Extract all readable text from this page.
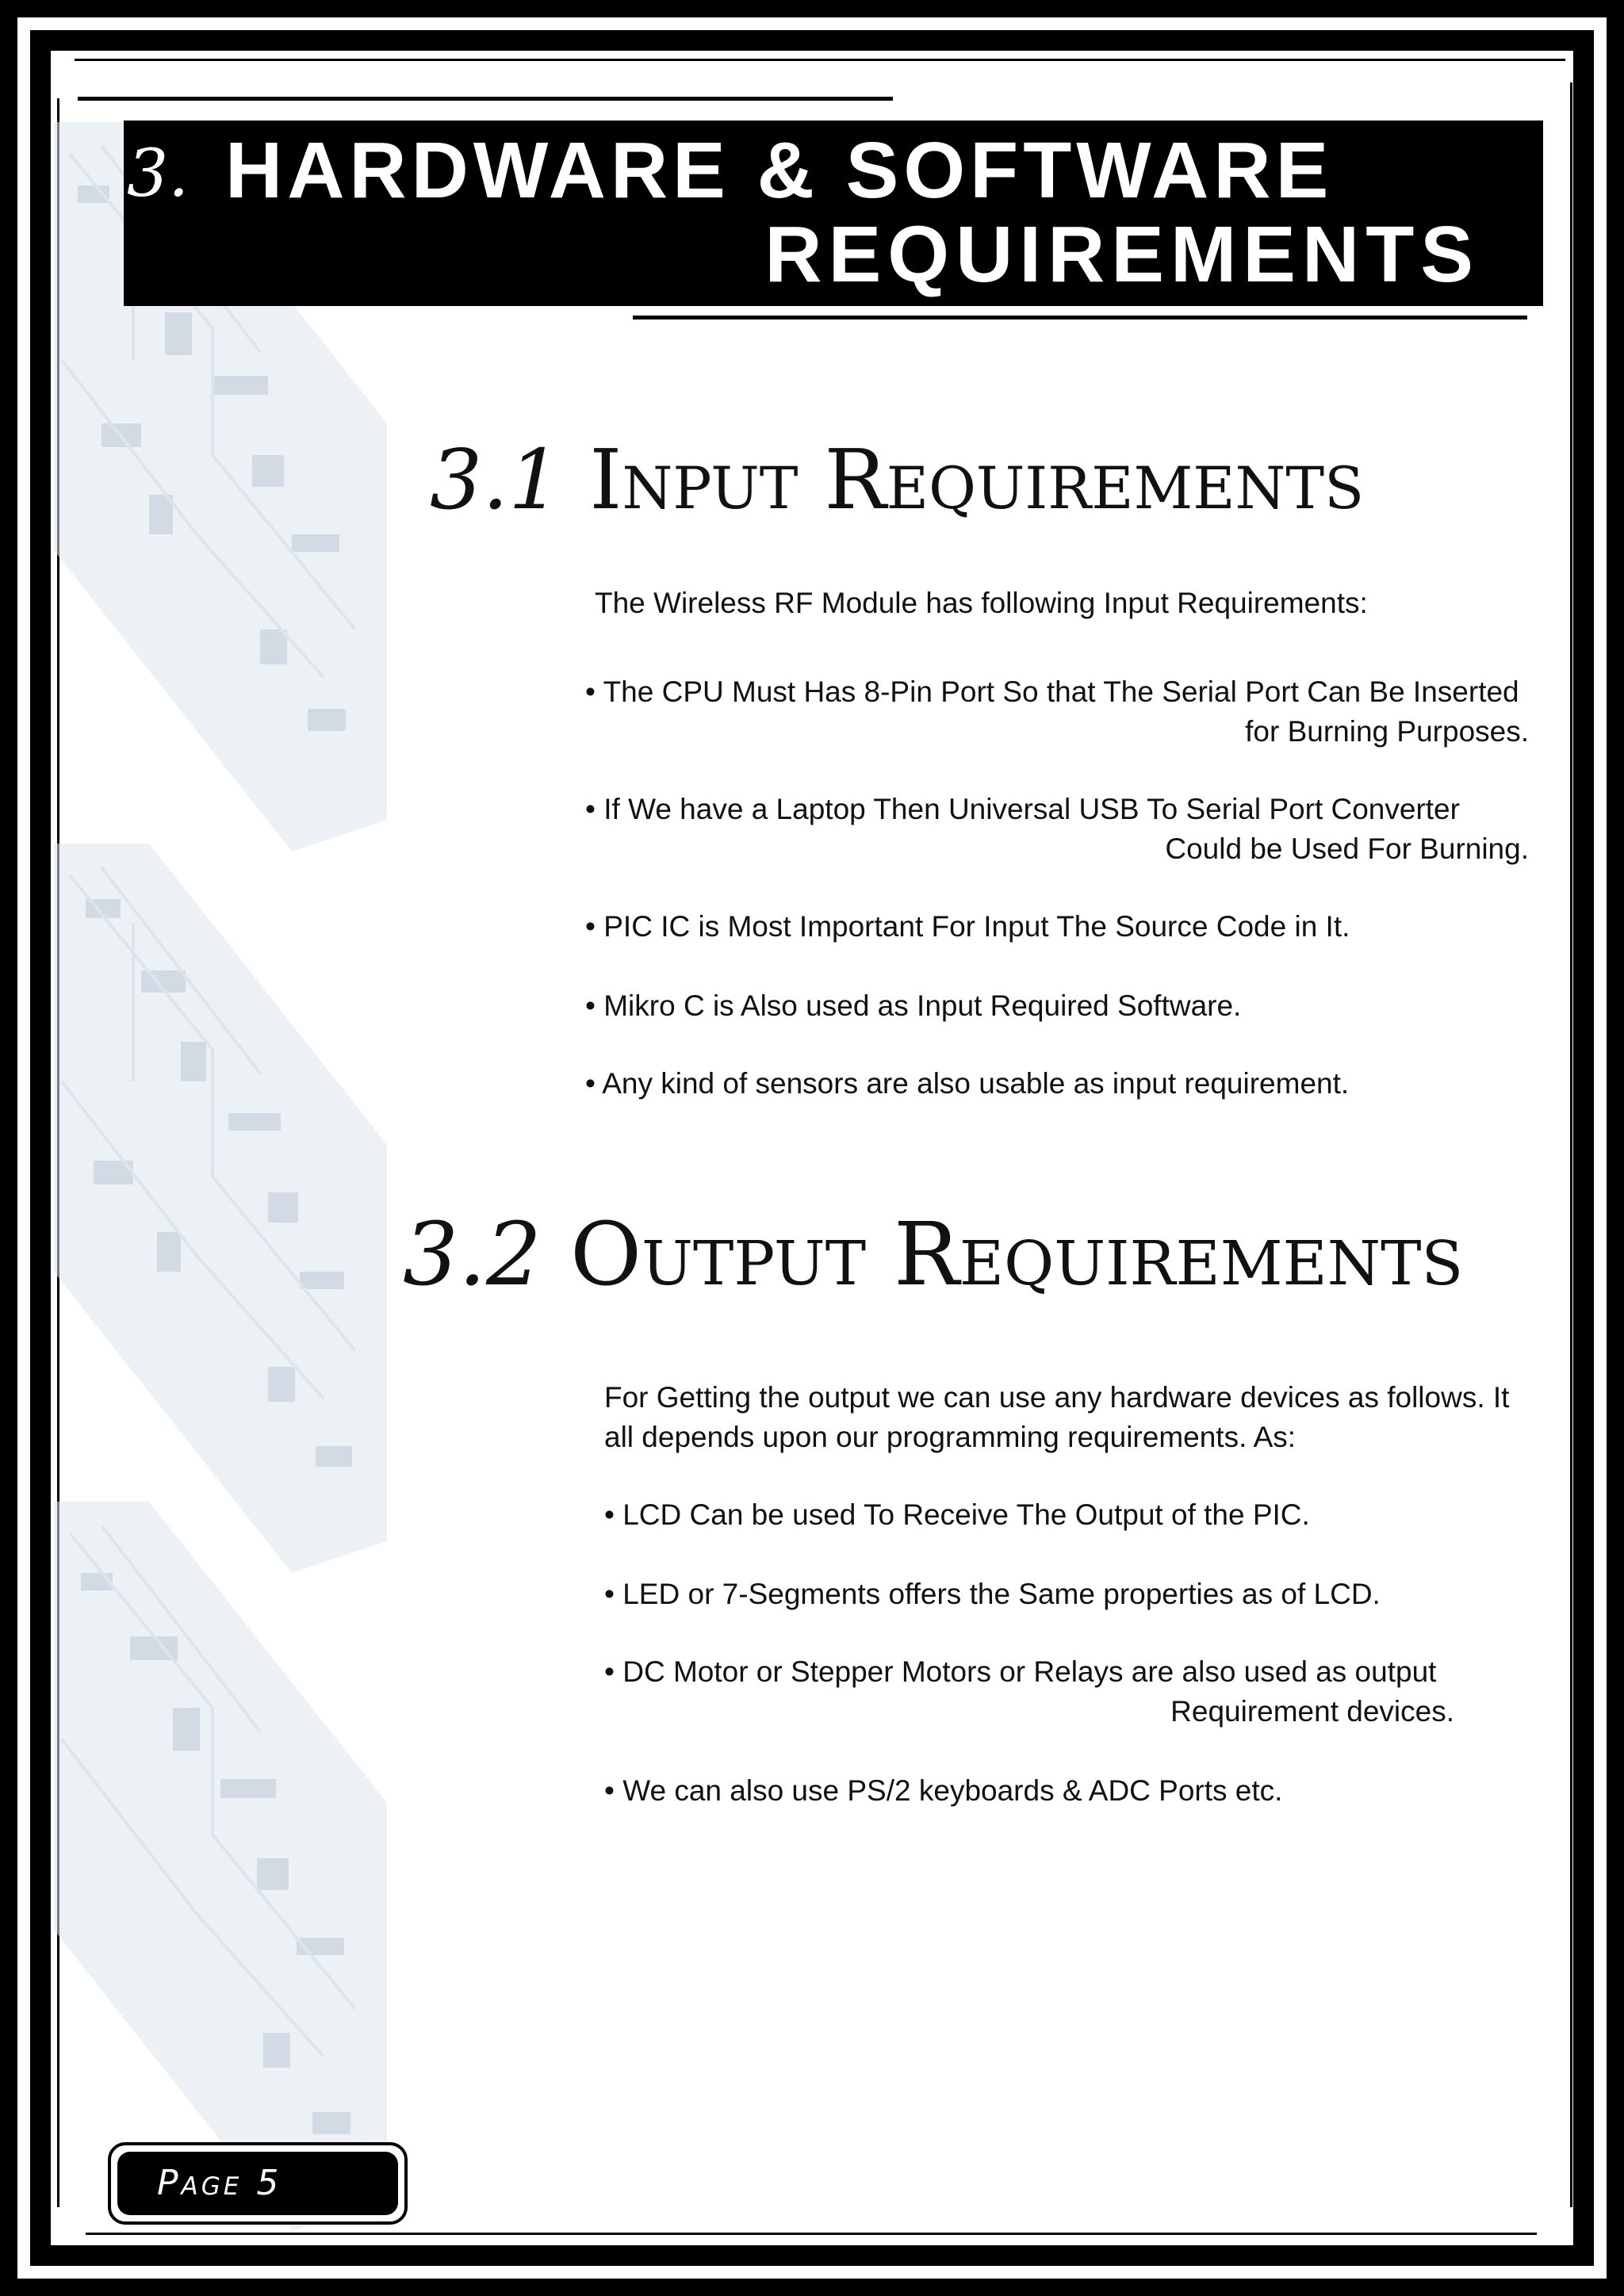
3. HARDWARE & SOFTWARE
REQUIREMENTS
3.1 Input Requirements
The Wireless RF Module has following Input Requirements:
• The CPU Must Has 8-Pin Port So that The Serial Port Can Be Inserted
for Burning Purposes.
• If We have a Laptop Then Universal USB To Serial Port Converter
Could be Used For Burning.
• PIC IC is Most Important For Input The Source Code in It.
• Mikro C is Also used as Input Required Software.
• Any kind of sensors are also usable as input requirement.
3.2 Output Requirements
For Getting the output we can use any hardware devices as follows. It
all depends upon our programming requirements. As:
• LCD Can be used To Receive The Output of the PIC.
• LED or 7-Segments offers the Same properties as of LCD.
• DC Motor or Stepper Motors or Relays are also used as output
Requirement devices.
• We can also use PS/2 keyboards & ADC Ports etc.
Page 5
